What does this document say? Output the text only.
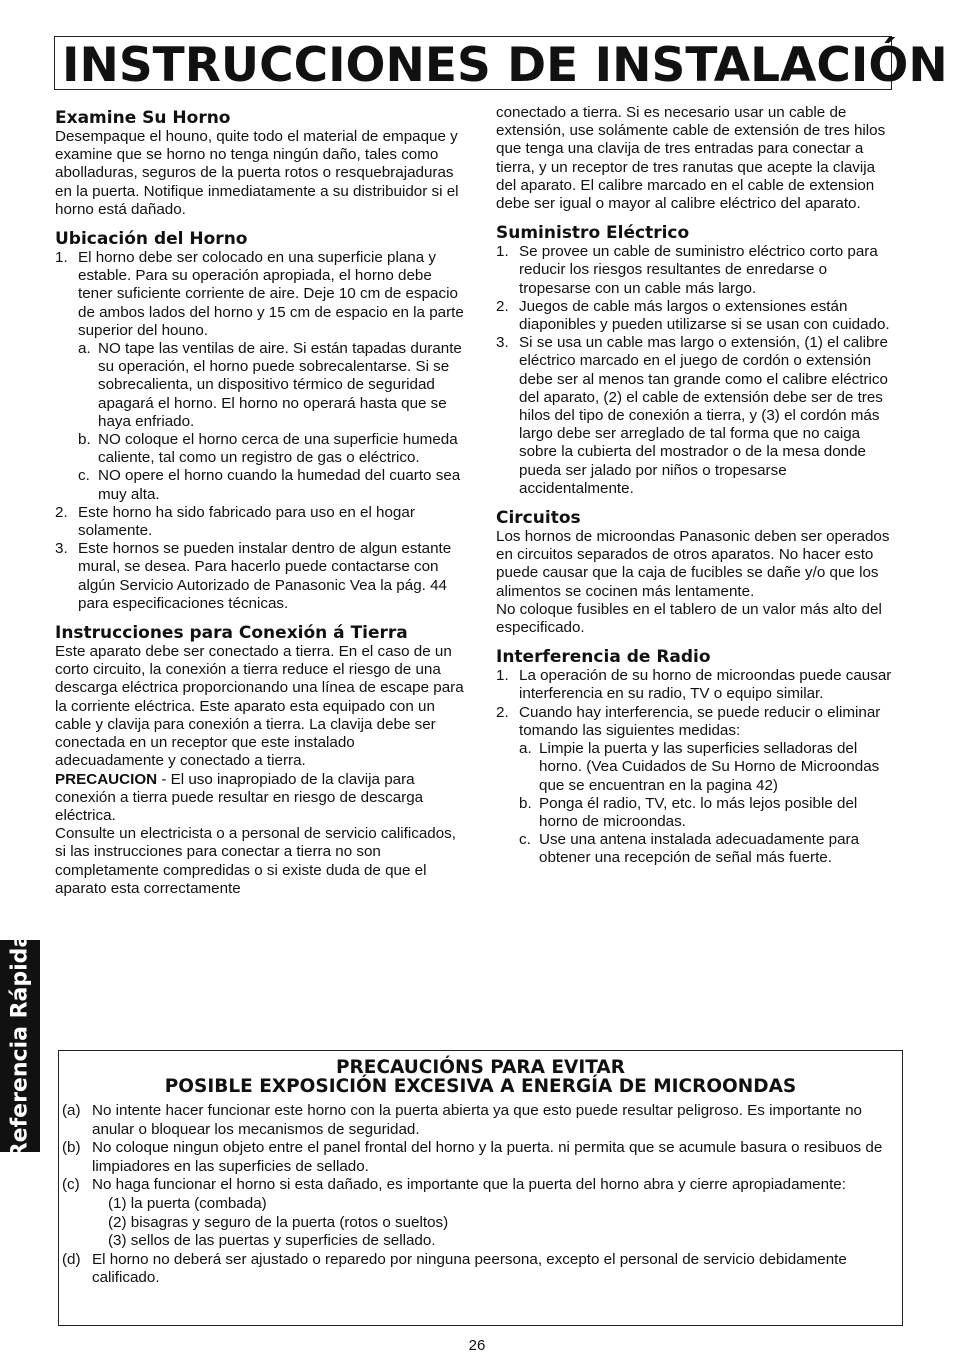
INSTRUCCIONES DE INSTALACIÓN
Examine Su Horno

Desempaque el houno, quite todo el material de empaque y examine que se horno no tenga ningún daño, tales como abolladuras, seguros de la puerta rotos o resquebrajaduras en la puerta. Notifique inmediatamente a su distribuidor si el horno está dañado.

Ubicación del Horno
1. El horno debe ser colocado en una superficie plana y estable. Para su operación apropiada, el horno debe tener suficiente corriente de aire. Deje 10 cm de espacio de ambos lados del horno y 15 cm de espacio en la parte superior del houno.
a. NO tape las ventilas de aire. Si están tapadas durante su operación, el horno puede sobrecalentarse. Si se sobrecalienta, un dispositivo térmico de seguridad apagará el horno. El horno no operará hasta que se haya enfriado.
b. NO coloque el horno cerca de una superficie humeda caliente, tal como un registro de gas o eléctrico.
c. NO opere el horno cuando la humedad del cuarto sea muy alta.
2. Este horno ha sido fabricado para uso en el hogar solamente.
3. Este hornos se pueden instalar dentro de algun estante mural, se desea. Para hacerlo puede contactarse con algún Servicio Autorizado de Panasonic Vea la pág. 44 para especificaciones técnicas.
Instrucciones para Conexión á Tierra

Este aparato debe ser conectado a tierra. En el caso de un corto circuito, la conexión a tierra reduce el riesgo de una descarga eléctrica proporcionando una línea de escape para la corriente eléctrica. Este aparato esta equipado con un cable y clavija para conexión a tierra. La clavija debe ser conectada en un receptor que este instalado adecuadamente y conectado a tierra.

PRECAUCION - El uso inapropiado de la clavija para conexión a tierra puede resultar en riesgo de descarga eléctrica.

Consulte un electricista o a personal de servicio calificados, si las instrucciones para conectar a tierra no son completamente compredidas o si existe duda de que el aparato esta correctamente

conectado a tierra. Si es necesario usar un cable de extensión, use solámente cable de extensión de tres hilos que tenga una clavija de tres entradas para conectar a tierra, y un receptor de tres ranutas que acepte la clavija del aparato. El calibre marcado en el cable de extension debe ser igual o mayor al calibre eléctrico del aparato.

Suministro Eléctrico
1. Se provee un cable de suministro eléctrico corto para reducir los riesgos resultantes de enredarse o tropesarse con un cable más largo.
2. Juegos de cable más largos o extensiones están diaponibles y pueden utilizarse si se usan con cuidado.
3. Si se usa un cable mas largo o extensión, (1) el calibre eléctrico marcado en el juego de cordón o extensión debe ser al menos tan grande como el calibre eléctrico del aparato, (2) el cable de extensión debe ser de tres hilos del tipo de conexión a tierra, y (3) el cordón más largo debe ser arreglado de tal forma que no caiga sobre la cubierta del mostrador o de la mesa donde pueda ser jalado por niños o tropesarse accidentalmente.
Circuitos

Los hornos de microondas Panasonic deben ser operados en circuitos separados de otros aparatos. No hacer esto puede causar que la caja de fucibles se dañe y/o que los alimentos se cocinen más lentamente.

No coloque fusibles en el tablero de un valor más alto del especificado.

Interferencia de Radio
1. La operación de su horno de microondas puede causar interferencia en su radio, TV o equipo similar.
2. Cuando hay interferencia, se puede reducir o eliminar tomando las siguientes medidas:
a. Limpie la puerta y las superficies selladoras del horno. (Vea Cuidados de Su Horno de Microondas que se encuentran en la pagina 42)
b. Ponga él radio, TV, etc. lo más lejos posible del horno de microondas.
c. Use una antena instalada adecuadamente para obtener una recepción de señal más fuerte.
Referencia Rápida	PRECAUCIÓNS PARA EVITAR
POSIBLE EXPOSICIÓN EXCESIVA A ENERGÍA DE MICROONDAS
(a) No intente hacer funcionar este horno con la puerta abierta ya que esto puede resultar peligroso. Es importante no anular o bloquear los mecanismos de seguridad.
(b) No coloque ningun objeto entre el panel frontal del horno y la puerta. ni permita que se acumule basura o resibuos de limpiadores en las superficies de sellado.
(c) No haga funcionar el horno si esta dañado, es importante que la puerta del horno abra y cierre apropiadamente:
(1) la puerta (combada)
(2) bisagras y seguro de la puerta (rotos o sueltos)
(3) sellos de las puertas y superficies de sellado.
(d) El horno no deberá ser ajustado o reparedo por ninguna peersona, excepto el personal de servicio debidamente calificado.
26
